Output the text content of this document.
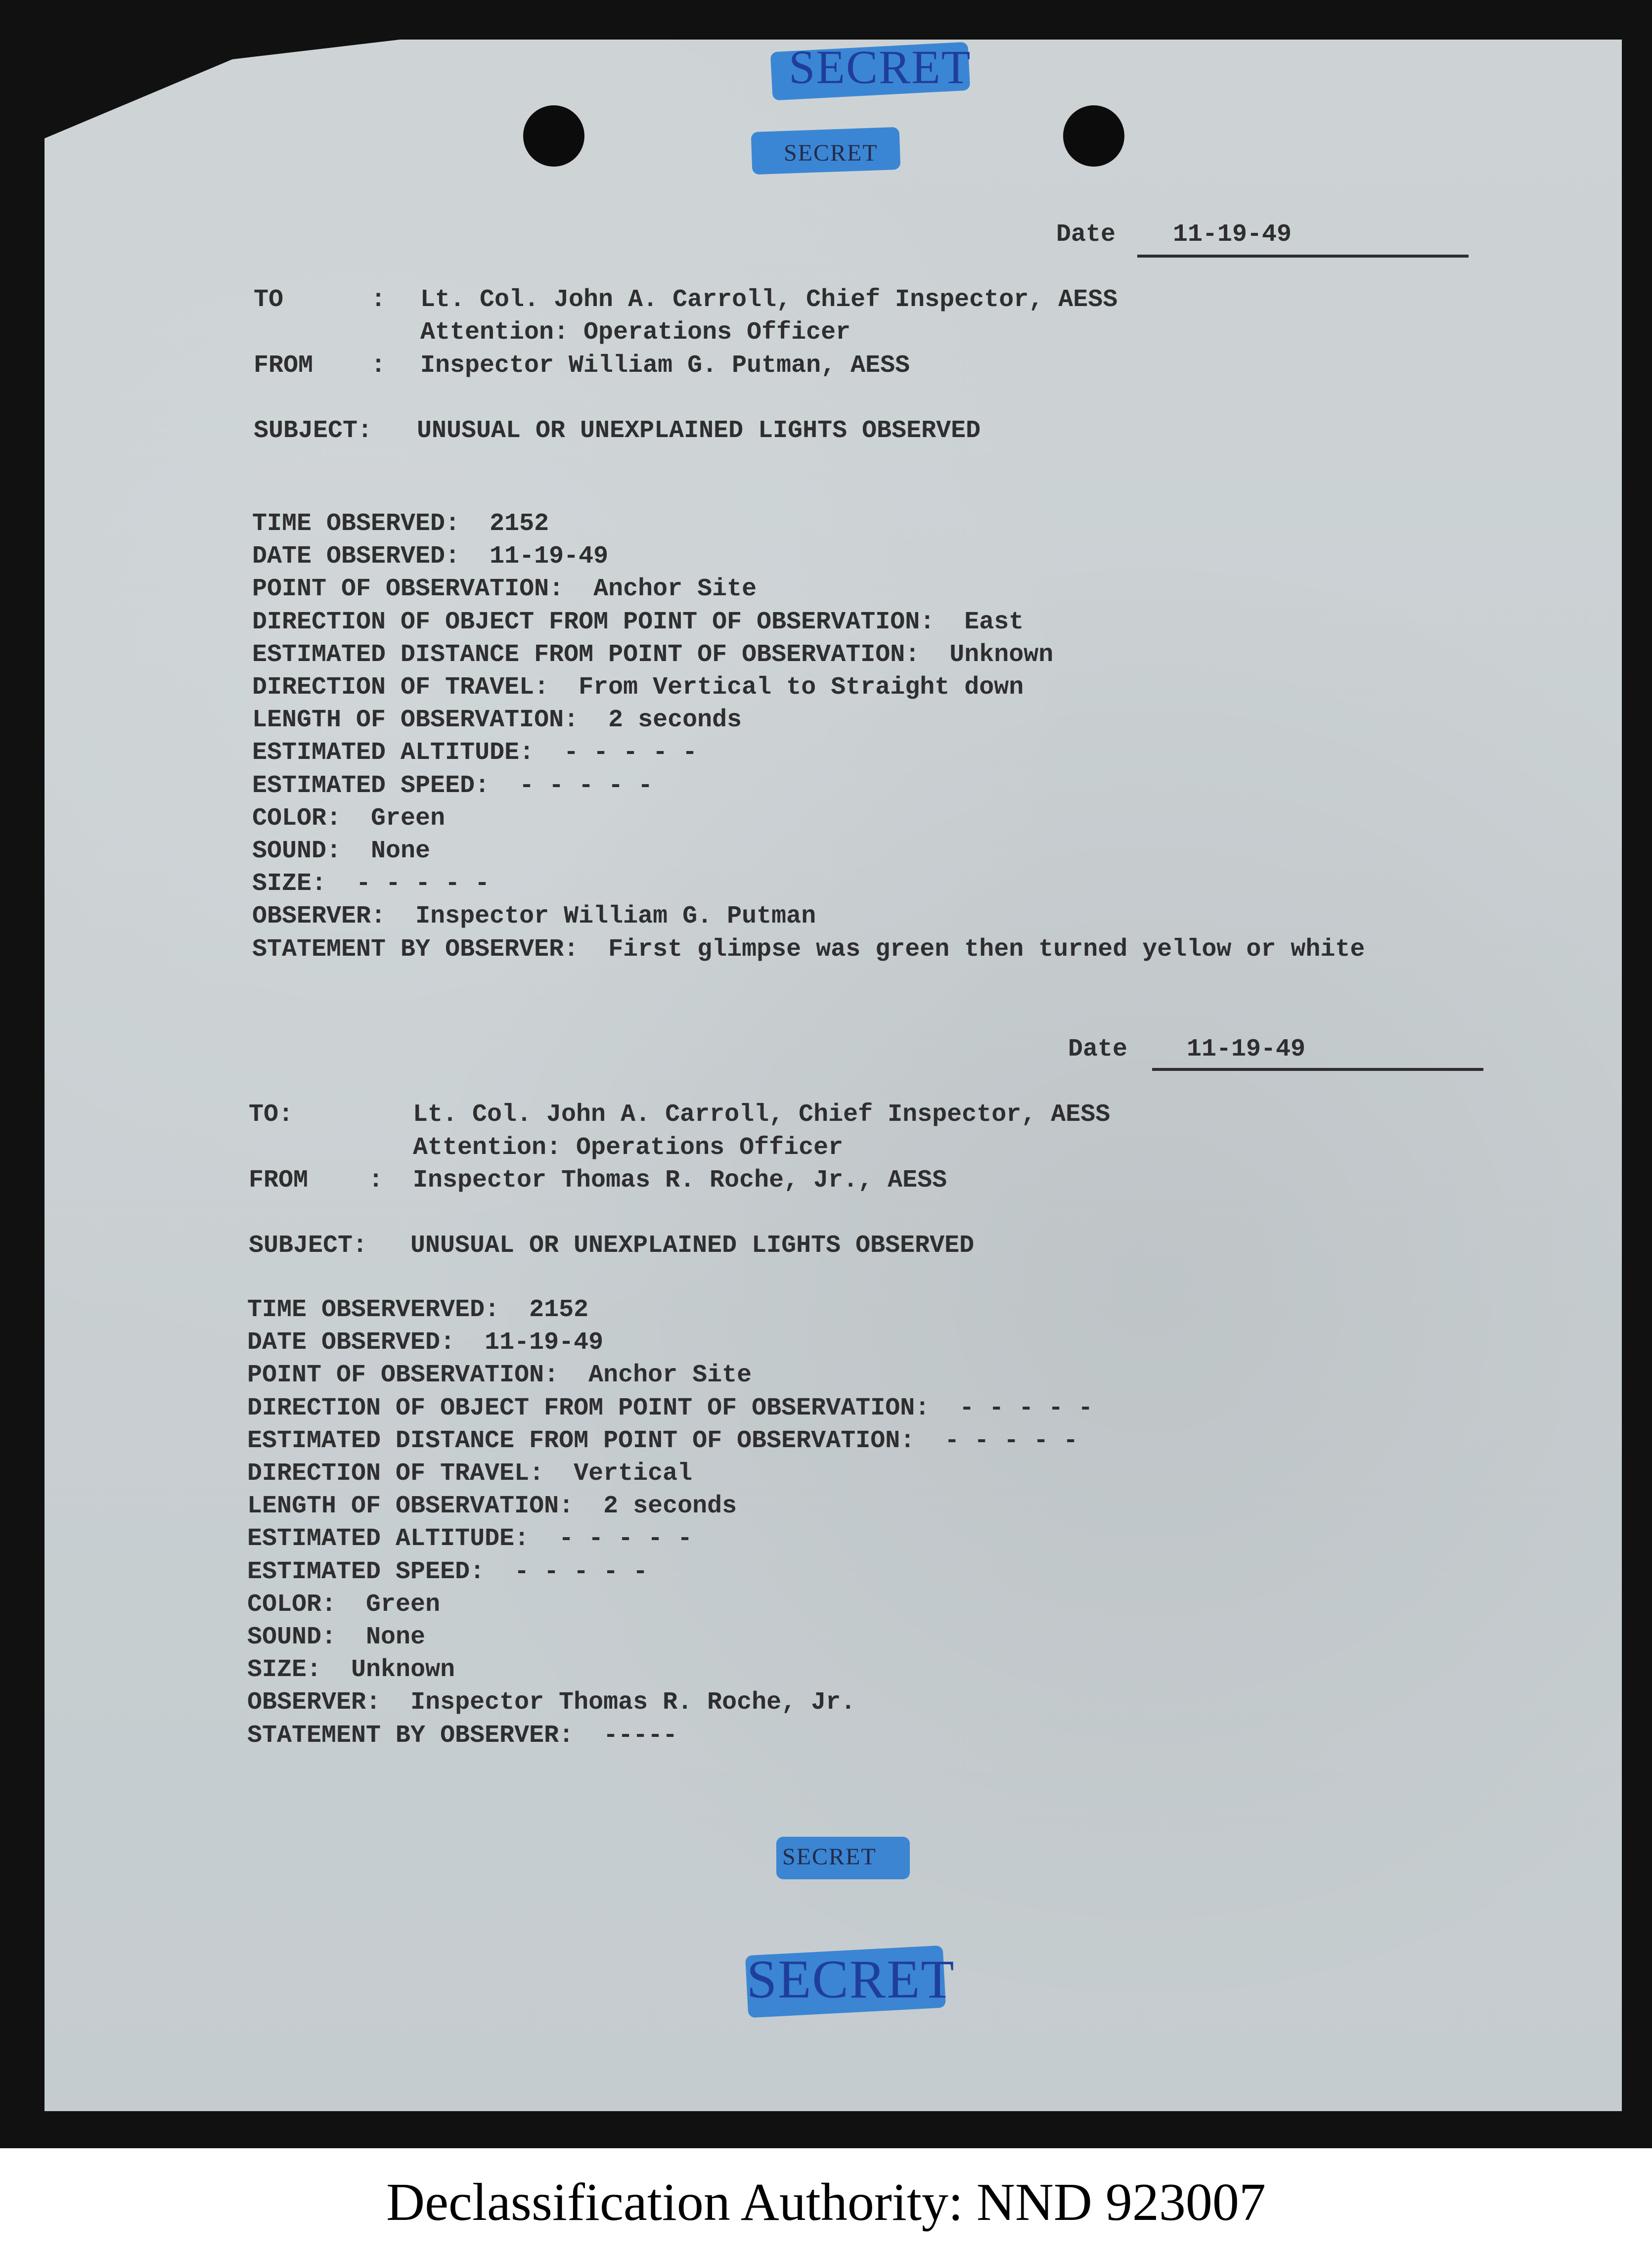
SECRET
SECRET
SECRET
SECRET
Date 11-19-49
TO	: Lt. Col. John A. Carroll, Chief Inspector, AESS
Attention: Operations Officer
FROM : Inspector William G. Putman, AESS
SUBJECT: UNUSUAL OR UNEXPLAINED LIGHTS OBSERVED
TIME OBSERVED: 2152
DATE OBSERVED: 11-19-49
POINT OF OBSERVATION: Anchor Site
DIRECTION OF OBJECT FROM POINT OF OBSERVATION: East
ESTIMATED DISTANCE FROM POINT OF OBSERVATION: Unknown
DIRECTION OF TRAVEL: From Vertical to Straight down
LENGTH OF OBSERVATION: 2 seconds
ESTIMATED ALTITUDE: - - - - -
ESTIMATED SPEED: - - - - -
COLOR: Green
SOUND: None
SIZE: - - - - -
OBSERVER: Inspector William G. Putman
STATEMENT BY OBSERVER: First glimpse was green then turned yellow or white
Date 11-19-49
TO:	Lt. Col. John A. Carroll, Chief Inspector, AESS
Attention: Operations Officer
FROM : Inspector Thomas R. Roche, Jr., AESS
SUBJECT: UNUSUAL OR UNEXPLAINED LIGHTS OBSERVED
TIME OBSERVERVED: 2152
DATE OBSERVED: 11-19-49
POINT OF OBSERVATION: Anchor Site
DIRECTION OF OBJECT FROM POINT OF OBSERVATION: - - - - -
ESTIMATED DISTANCE FROM POINT OF OBSERVATION: - - - - -
DIRECTION OF TRAVEL: Vertical
LENGTH OF OBSERVATION: 2 seconds
ESTIMATED ALTITUDE: - - - - -
ESTIMATED SPEED: - - - - -
COLOR: Green
SOUND: None
SIZE: Unknown
OBSERVER: Inspector Thomas R. Roche, Jr.
STATEMENT BY OBSERVER: -----
Declassification Authority: NND 923007
